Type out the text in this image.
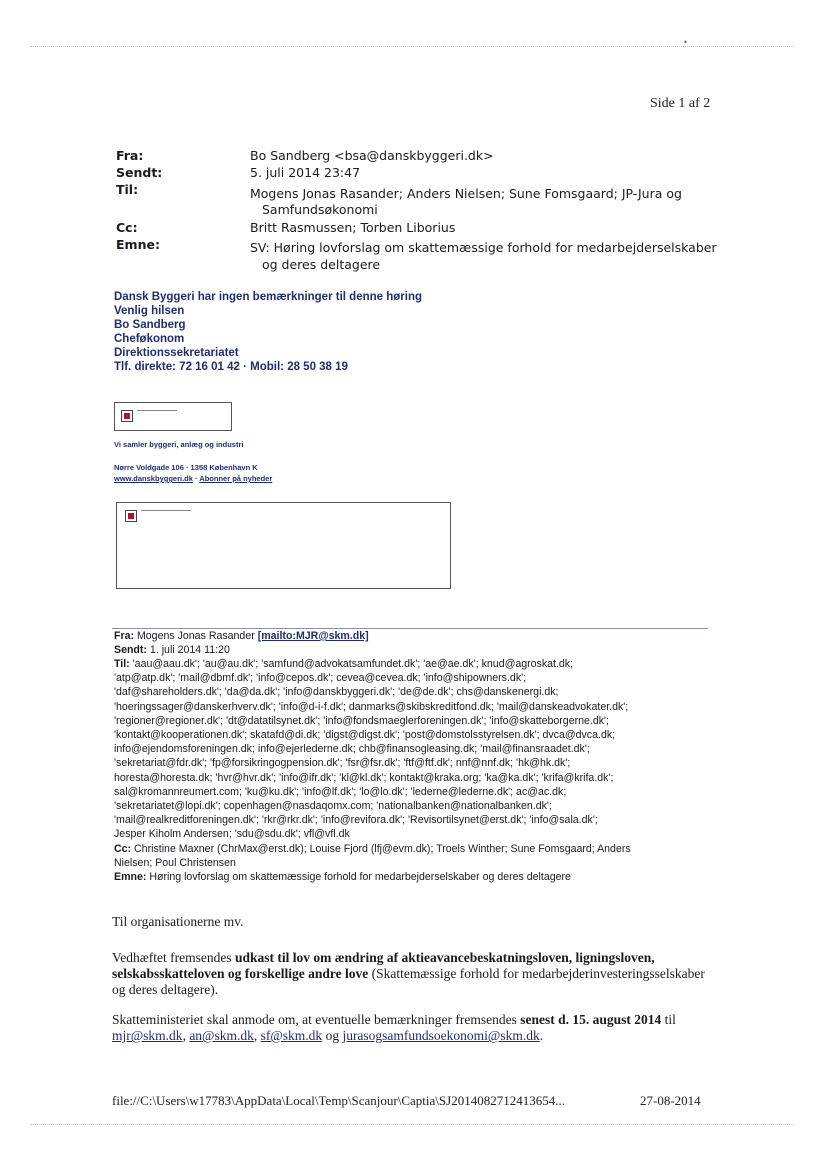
•
Side 1 af 2
Fra:	Bo Sandberg <bsa@danskbyggeri.dk>
Sendt:	5. juli 2014 23:47
Til:	Mogens Jonas Rasander; Anders Nielsen; Sune Fomsgaard; JP-Jura og
Samfundsøkonomi
Cc:	Britt Rasmussen; Torben Liborius
Emne:	SV: Høring lovforslag om skattemæssige forhold for medarbejderselskaber
og deres deltagere
Dansk Byggeri har ingen bemærkninger til denne høring
Venlig hilsen
Bo Sandberg
Cheføkonom
Direktionssekretariatet
Tlf. direkte: 72 16 01 42 · Mobil: 28 50 38 19
Vi samler byggeri, anlæg og industri
Nørre Voldgade 106 · 1358 København K
www.danskbyggeri.dk · Abonner på nyheder
Fra: Mogens Jonas Rasander [mailto:MJR@skm.dk]
Sendt: 1. juli 2014 11:20
Til: 'aau@aau.dk'; 'au@au.dk'; 'samfund@advokatsamfundet.dk'; 'ae@ae.dk'; knud@agroskat.dk;
'atp@atp.dk'; 'mail@dbmf.dk'; 'info@cepos.dk'; cevea@cevea.dk; 'info@shipowners.dk';
'daf@shareholders.dk'; 'da@da.dk'; 'info@danskbyggeri.dk'; 'de@de.dk'; chs@danskenergi.dk;
'hoeringssager@danskerhverv.dk'; 'info@d-i-f.dk'; danmarks@skibskreditfond.dk; 'mail@danskeadvokater.dk';
'regioner@regioner.dk'; 'dt@datatilsynet.dk'; 'info@fondsmaeglerforeningen.dk'; 'info@skatteborgerne.dk';
'kontakt@kooperationen.dk'; skatafd@di.dk; 'digst@digst.dk'; 'post@domstolsstyrelsen.dk'; dvca@dvca.dk;
info@ejendomsforeningen.dk; info@ejerlederne.dk; chb@finansogleasing.dk; 'mail@finansraadet.dk';
'sekretariat@fdr.dk'; 'fp@forsikringogpension.dk'; 'fsr@fsr.dk'; 'ftf@ftf.dk'; nnf@nnf.dk; 'hk@hk.dk';
horesta@horesta.dk; 'hvr@hvr.dk'; 'info@ifr.dk'; 'kl@kl.dk'; kontakt@kraka.org; 'ka@ka.dk'; 'krifa@krifa.dk';
sal@kromannreumert.com; 'ku@ku.dk'; 'info@lf.dk'; 'lo@lo.dk'; 'lederne@lederne.dk'; ac@ac.dk;
'sekretariatet@lopi.dk'; copenhagen@nasdaqomx.com; 'nationalbanken@nationalbanken.dk';
'mail@realkreditforeningen.dk'; 'rkr@rkr.dk'; 'info@revifora.dk'; 'Revisortilsynet@erst.dk'; 'info@sala.dk';
Jesper Kiholm Andersen; 'sdu@sdu.dk'; vfl@vfl.dk
Cc: Christine Maxner (ChrMax@erst.dk); Louise Fjord (lfj@evm.dk); Troels Winther; Sune Fomsgaard; Anders
Nielsen; Poul Christensen
Emne: Høring lovforslag om skattemæssige forhold for medarbejderselskaber og deres deltagere
Til organisationerne mv.
Vedhæftet fremsendes udkast til lov om ændring af aktieavancebeskatningsloven, ligningsloven, selskabsskatteloven og forskellige andre love (Skattemæssige forhold for medarbejderinvesteringsselskaber og deres deltagere).
Skatteministeriet skal anmode om, at eventuelle bemærkninger fremsendes senest d. 15. august 2014 til mjr@skm.dk, an@skm.dk, sf@skm.dk og jurasogsamfundsoekonomi@skm.dk.
file://C:\Users\w17783\AppData\Local\Temp\Scanjour\Captia\SJ2014082712413654...	27-08-2014
